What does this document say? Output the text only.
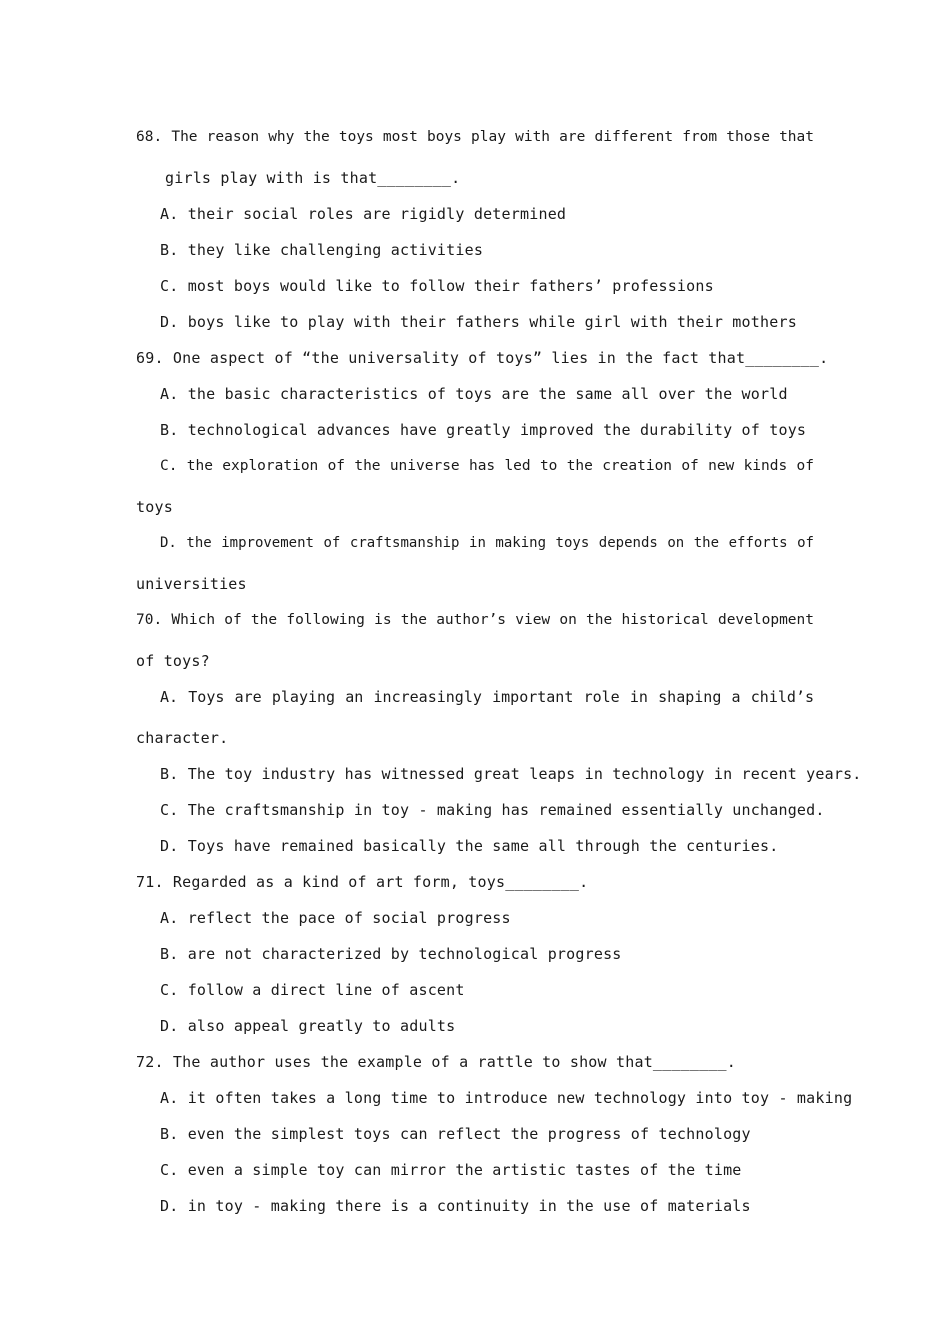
68. The reason why the toys most boys play with are different from those that
girls play with is that________.
A. their social roles are rigidly determined
B. they like challenging activities
C. most boys would like to follow their fathers’ professions
D. boys like to play with their fathers while girl with their mothers
69. One aspect of “the universality of toys” lies in the fact that________.
A. the basic characteristics of toys are the same all over the world
B. technological advances have greatly improved the durability of toys
C. the exploration of the universe has led to the creation of new kinds of
toys
D. the improvement of craftsmanship in making toys depends on the efforts of
universities
70. Which of the following is the author’s view on the historical development
of toys?
A. Toys are playing an increasingly important role in shaping a child’s
character.
B. The toy industry has witnessed great leaps in technology in recent years.
C. The craftsmanship in toy - making has remained essentially unchanged.
D. Toys have remained basically the same all through the centuries.
71. Regarded as a kind of art form, toys________.
A. reflect the pace of social progress
B. are not characterized by technological progress
C. follow a direct line of ascent
D. also appeal greatly to adults
72. The author uses the example of a rattle to show that________.
A. it often takes a long time to introduce new technology into toy - making
B. even the simplest toys can reflect the progress of technology
C. even a simple toy can mirror the artistic tastes of the time
D. in toy - making there is a continuity in the use of materials
